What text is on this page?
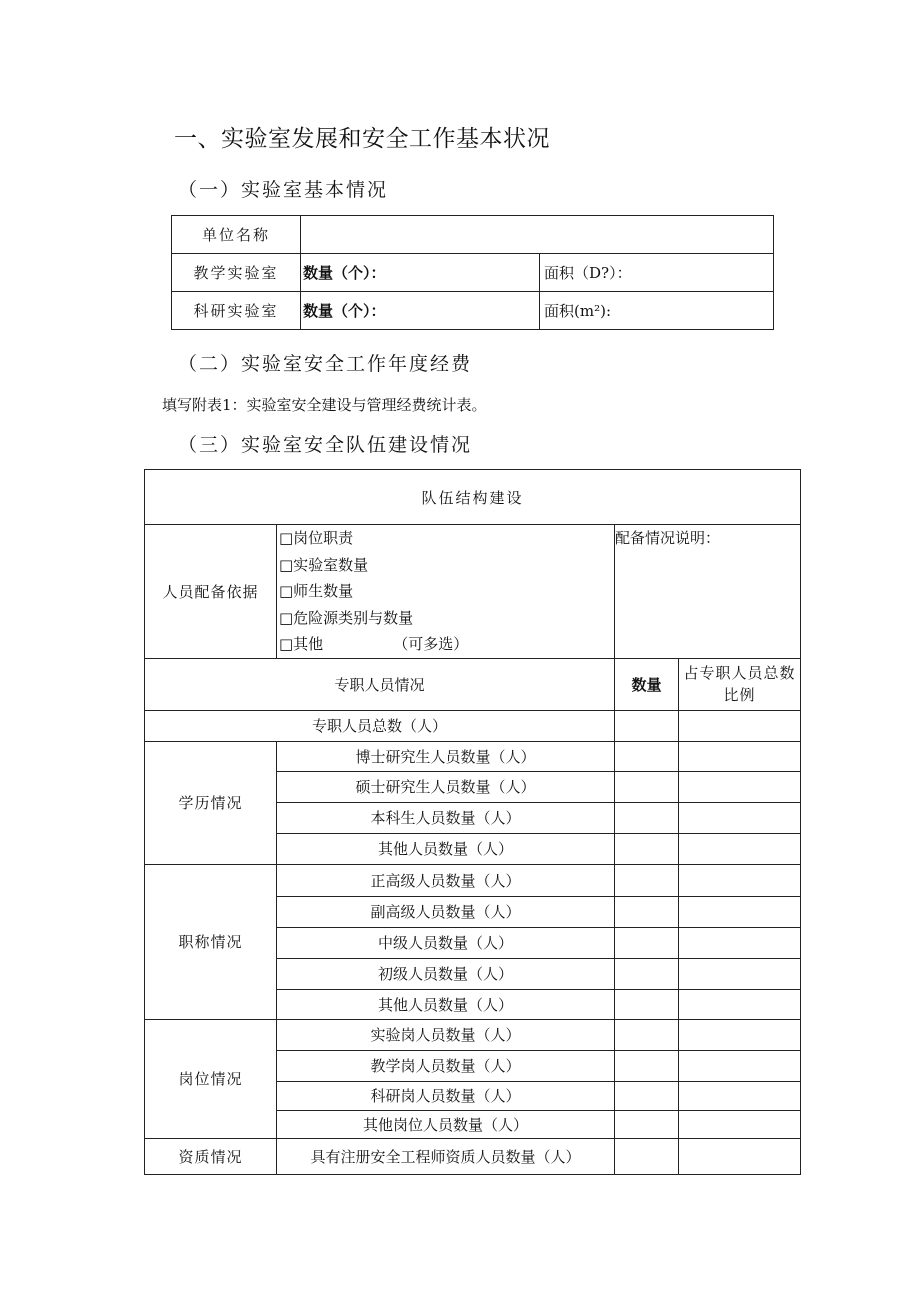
一、实验室发展和安全工作基本状况
（一）实验室基本情况
单位名称		
教学实验室	数量（个）：	面积（D?）：
科研实验室	数量（个）：	面积(m²):
（二）实验室安全工作年度经费
填写附表1：实验室安全建设与管理经费统计表。
（三）实验室安全队伍建设情况
队伍结构建设			
人员配备依据	□岗位职责
□实验室数量
□师生数量
□危险源类别与数量
□其他 （可多选）	配备情况说明：	
专职人员情况		数量	占专职人员总数比例
专职人员总数（人）			
学历情况	博士研究生人员数量（人）		
	硕士研究生人员数量（人）		
	本科生人员数量（人）		
	其他人员数量（人）		
职称情况	正高级人员数量（人）		
	副高级人员数量（人）		
	中级人员数量（人）		
	初级人员数量（人）		
	其他人员数量（人）		
岗位情况	实验岗人员数量（人）		
	教学岗人员数量（人）		
	科研岗人员数量（人）		
	其他岗位人员数量（人）		
资质情况	具有注册安全工程师资质人员数量（人）		
